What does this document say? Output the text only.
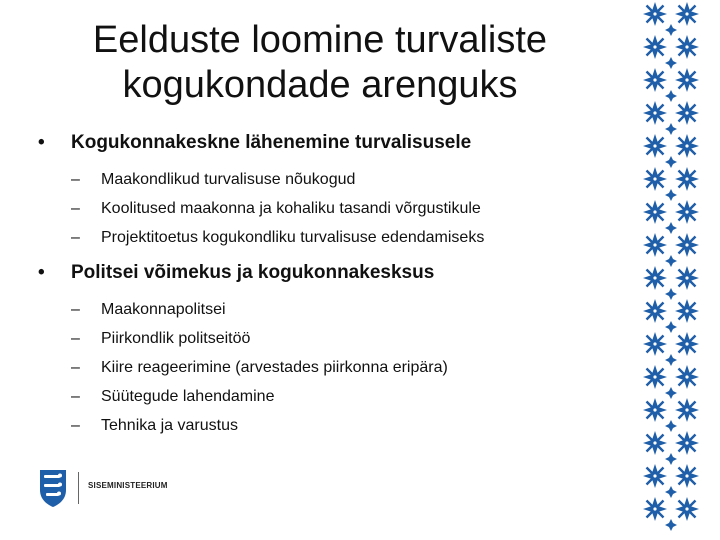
Eelduste loomine turvaliste
kogukondade arenguks
• Kogukonnakeskne lähenemine turvalisusele
– Maakondlikud turvalisuse nõukogud
– Koolitused maakonna ja kohaliku tasandi võrgustikule
– Projektitoetus kogukondliku turvalisuse edendamiseks
• Politsei võimekus ja kogukonnakesksus
– Maakonnapolitsei
– Piirkondlik politseitöö
– Kiire reageerimine (arvestades piirkonna eripära)
– Süütegude lahendamine
– Tehnika ja varustus
SISEMINISTEERIUM
